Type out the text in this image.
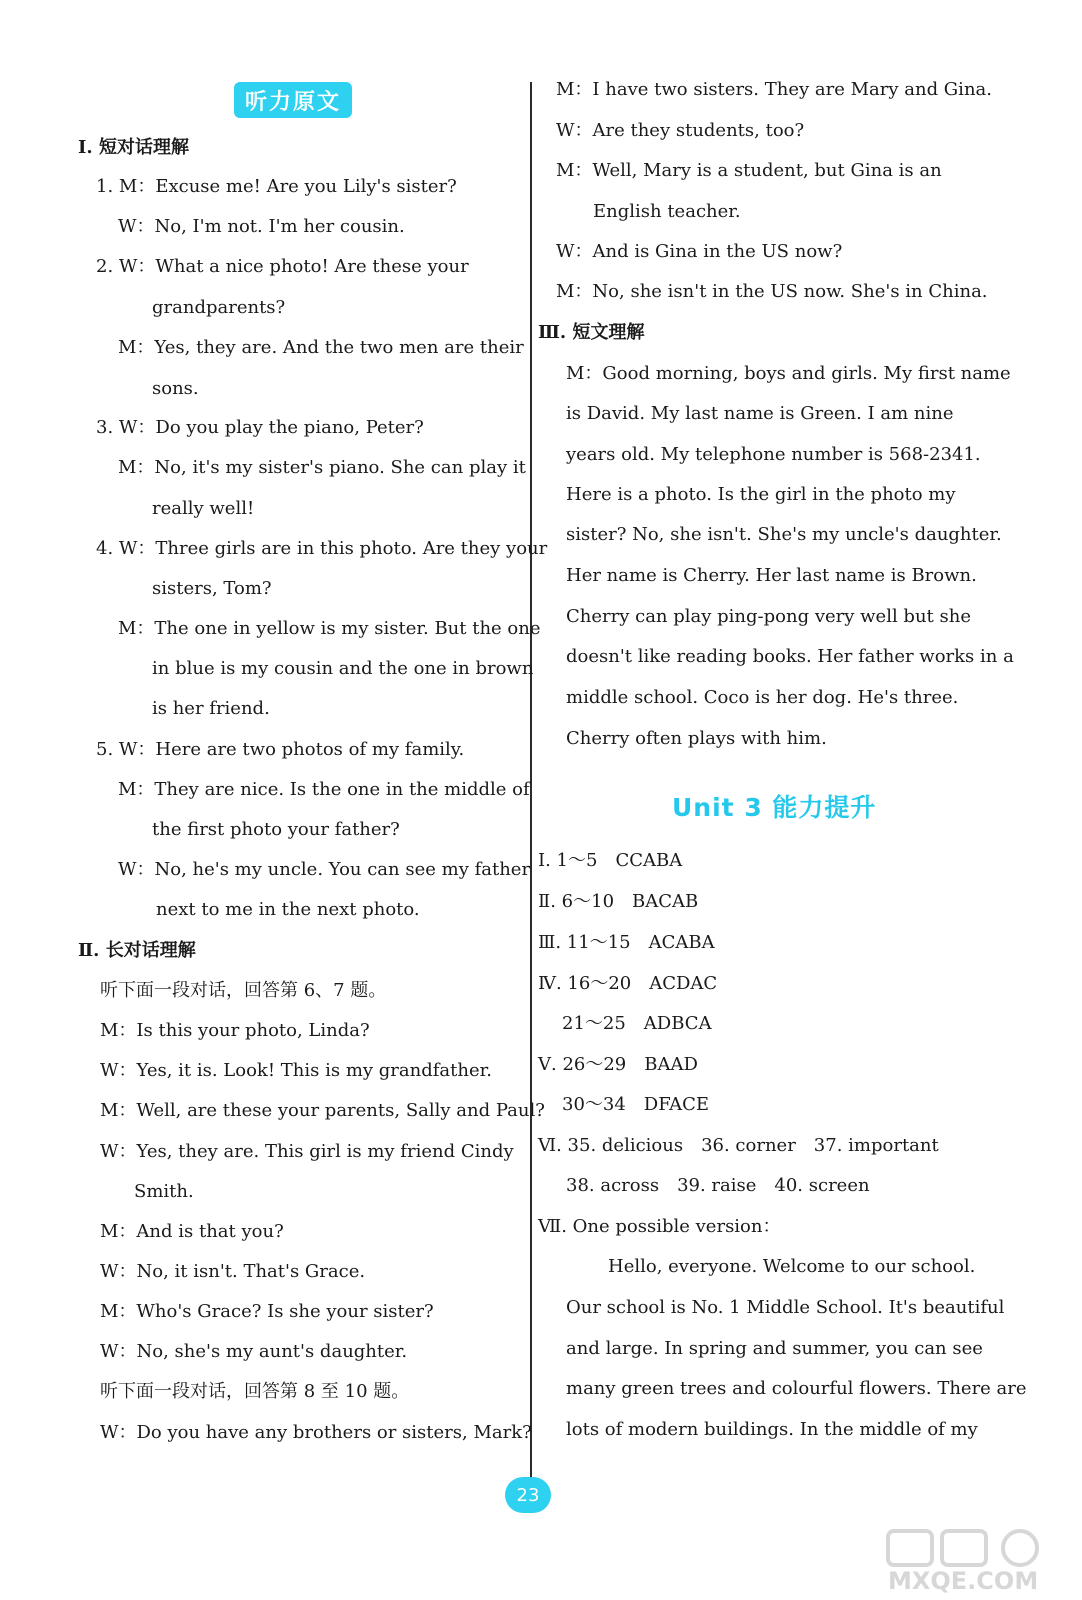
听力原文
Ⅰ. 短对话理解
1. M：Excuse me! Are you Lily's sister?
W：No, I'm not. I'm her cousin.
2. W：What a nice photo! Are these your
grandparents?
M：Yes, they are. And the two men are their
sons.
3. W：Do you play the piano, Peter?
M：No, it's my sister's piano. She can play it
really well!
4. W：Three girls are in this photo. Are they your
sisters, Tom?
M：The one in yellow is my sister. But the one
in blue is my cousin and the one in brown
is her friend.
5. W：Here are two photos of my family.
M：They are nice. Is the one in the middle of
the first photo your father?
W：No, he's my uncle. You can see my father
next to me in the next photo.
Ⅱ. 长对话理解
听下面一段对话，回答第 6、7 题。
M：Is this your photo, Linda?
W：Yes, it is. Look! This is my grandfather.
M：Well, are these your parents, Sally and Paul?
W：Yes, they are. This girl is my friend Cindy
Smith.
M：And is that you?
W：No, it isn't. That's Grace.
M：Who's Grace? Is she your sister?
W：No, she's my aunt's daughter.
听下面一段对话，回答第 8 至 10 题。
W：Do you have any brothers or sisters, Mark?
M：I have two sisters. They are Mary and Gina.
W：Are they students, too?
M：Well, Mary is a student, but Gina is an
English teacher.
W：And is Gina in the US now?
M：No, she isn't in the US now. She's in China.
Ⅲ. 短文理解
M：Good morning, boys and girls. My first name
is David. My last name is Green. I am nine
years old. My telephone number is 568-2341.
Here is a photo. Is the girl in the photo my
sister? No, she isn't. She's my uncle's daughter.
Her name is Cherry. Her last name is Brown.
Cherry can play ping-pong very well but she
doesn't like reading books. Her father works in a
middle school. Coco is her dog. He's three.
Cherry often plays with him.
Unit 3 能力提升
Ⅰ. 1～5　CCABA
Ⅱ. 6～10　BACAB
Ⅲ. 11～15　ACABA
Ⅳ. 16～20　ACDAC
21～25　ADBCA
Ⅴ. 26～29　BAAD
30～34　DFACE
Ⅵ. 35. delicious　36. corner　37. important
38. across　39. raise　40. screen
Ⅶ. One possible version：
Hello, everyone. Welcome to our school.
Our school is No. 1 Middle School. It's beautiful
and large. In spring and summer, you can see
many green trees and colourful flowers. There are
lots of modern buildings. In the middle of my
23
MXQE.COM
